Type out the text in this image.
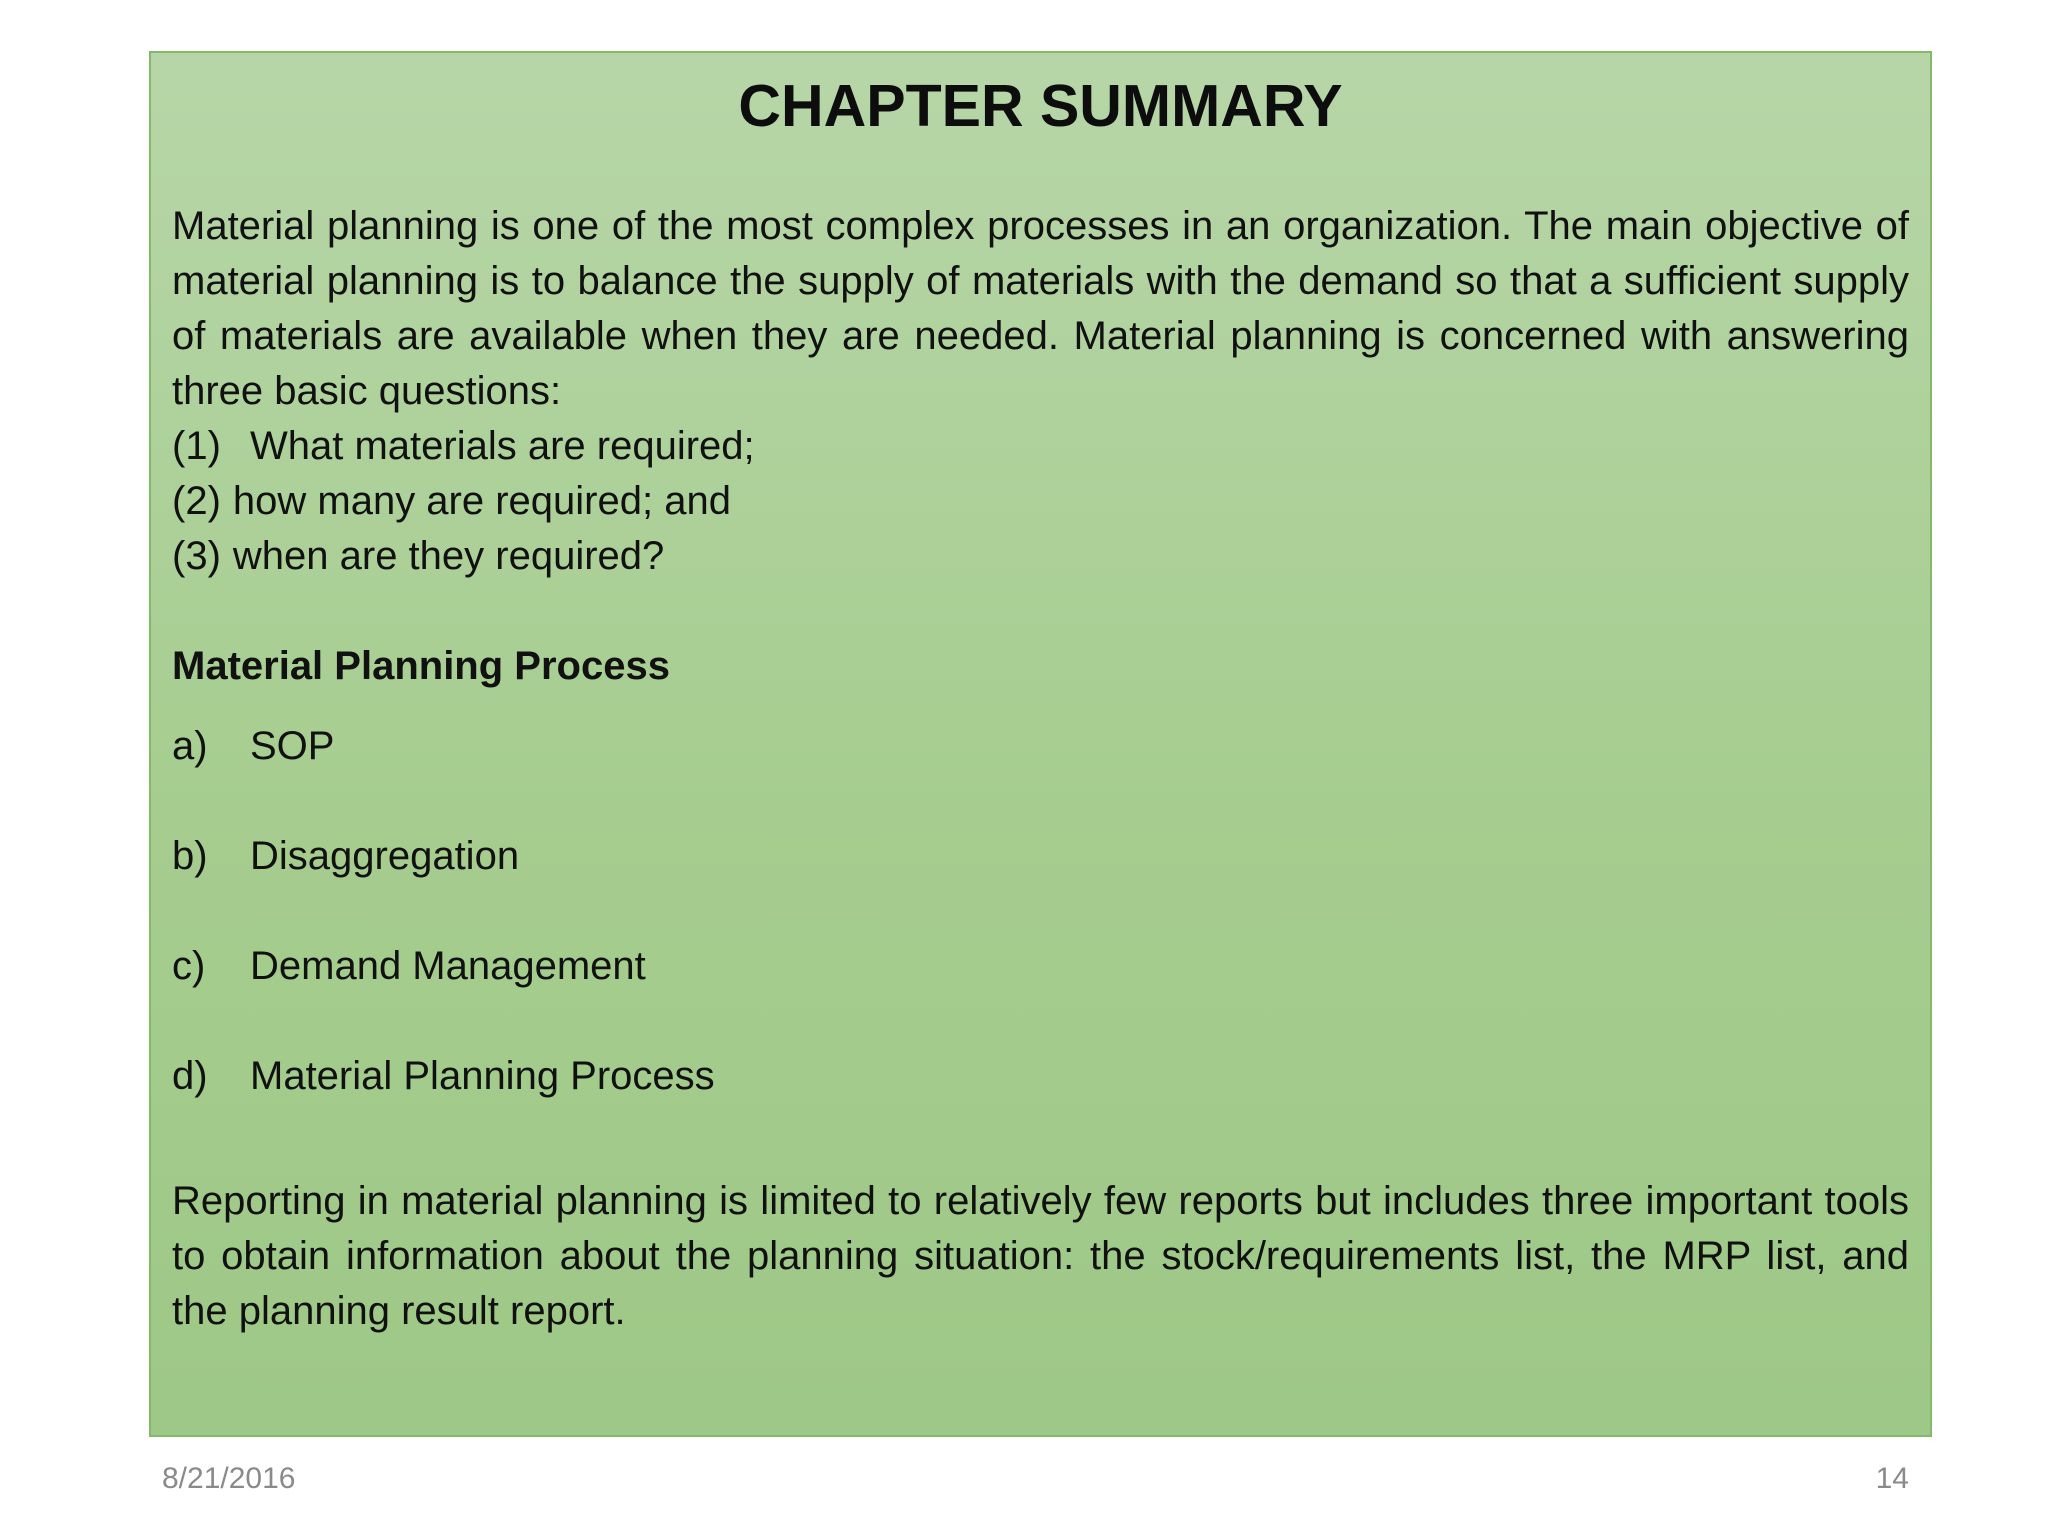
CHAPTER SUMMARY

Material planning is one of the most complex processes in an organization. The main objective of material planning is to balance the supply of materials with the demand so that a sufficient supply of materials are available when they are needed. Material planning is concerned with answering three basic questions:

(1) What materials are required;

(2) how many are required; and

(3) when are they required?

Material Planning Process

a) SOP
b) Disaggregation
c) Demand Management
d) Material Planning Process

Reporting in material planning is limited to relatively few reports but includes three important tools to obtain information about the planning situation: the stock/requirements list, the MRP list, and the planning result report.

8/21/2016	14
